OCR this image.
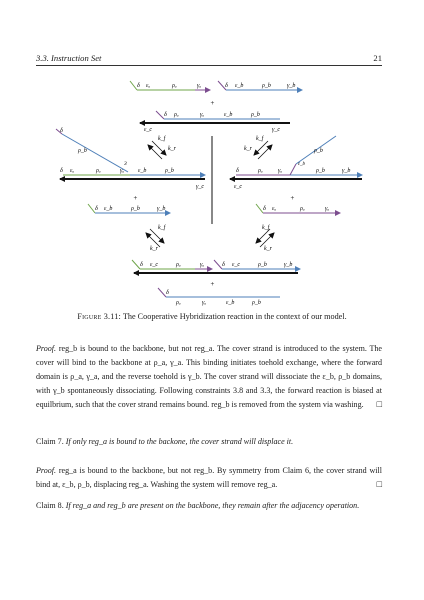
3.3. Instruction Set	21
δ εₐ	ρₐ	γₐ	δ ε_b	ρ_b	γ_b
+
δ ρₐ	γₐ	ε_b	ρ_b
ε_c	γ_c
k_f
k_r
k_f
k_r
δ εₐ	ρₐ	ε_b	ρ_b
γₐ
3
δ
ρ_b
γ_c
+
δ ε_b	ρ_b	γ_b
δ	ρₐ	γₐ	ρ_b	γ_b
ρ_b
ε_b
ε_c
+
δ εₐ	ρₐ	γₐ
k_f
k_r
k_f
k_r
δ ε_c	ρₐ	γₐ	δ ε_c	ρ_b	γ_b
+
δ
ρₐ	γₐ	ε_b	ρ_b
Figure 3.11: The Cooperative Hybridization reaction in the context of our model.
Proof. reg_b is bound to the backbone, but not reg_a. The cover strand is introduced to the system. The cover will bind to the backbone at ρ_a, γ_a. This binding initiates toehold exchange, where the forward domain is ρ_a, γ_a, and the reverse toehold is γ_b. The cover strand will dissociate the ε_b, ρ_b domains, with γ_b spontaneously dissociating. Following constraints 3.8 and 3.3, the forward reaction is biased at equilbrium, such that the cover strand remains bound. reg_b is removed from the system via washing. □
Claim 7. If only reg_a is bound to the backone, the cover strand will displace it.
Proof. reg_a is bound to the backbone, but not reg_b. By symmetry from Claim 6, the cover strand will bind at, ε_b, ρ_b, displacing reg_a. Washing the system will remove reg_a.	□
Claim 8. If reg_a and reg_b are present on the backbone, they remain after the adjacency operation.
